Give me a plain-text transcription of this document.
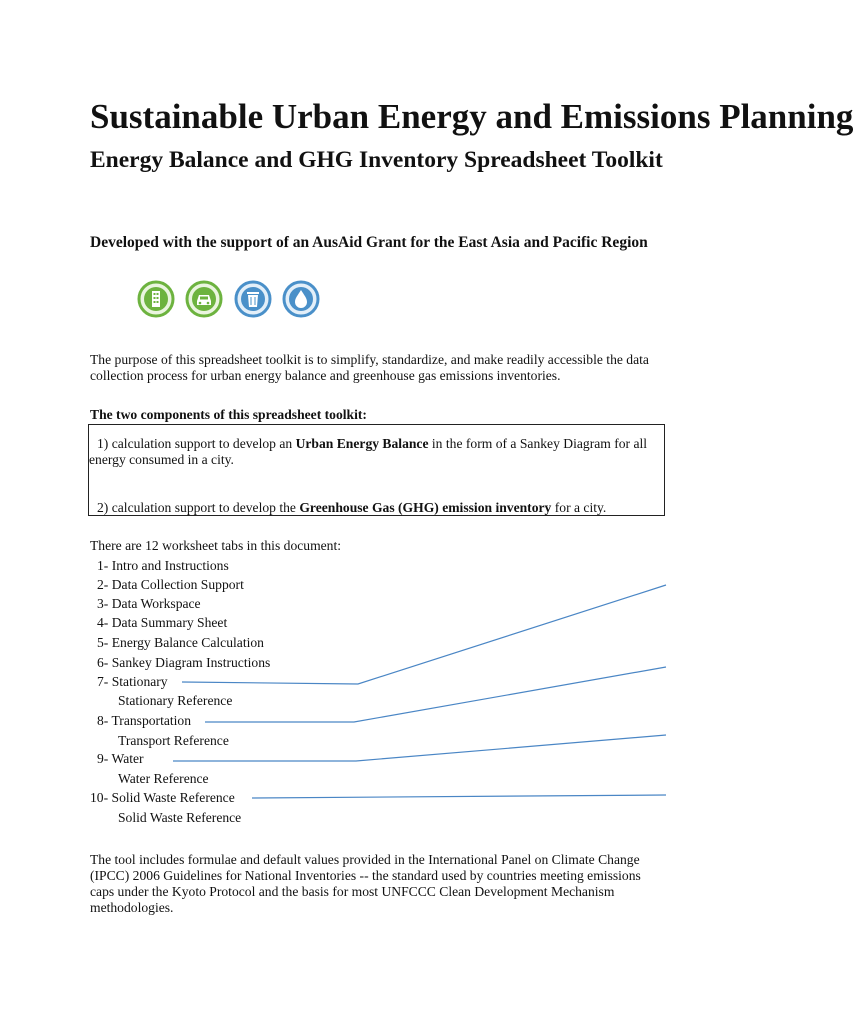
Sustainable Urban Energy and Emissions Planning
Energy Balance and GHG Inventory Spreadsheet Toolkit
Developed with the support of an AusAid Grant for the East Asia and Pacific Region
The purpose of this spreadsheet toolkit is to simplify, standardize, and make readily accessible the data collection process for urban energy balance and greenhouse gas emissions inventories.
The two components of this spreadsheet toolkit:
1) calculation support to develop an Urban Energy Balance in the form of a Sankey Diagram for all
energy consumed in a city.
2) calculation support to develop the Greenhouse Gas (GHG) emission inventory for a city.
There are 12 worksheet tabs in this document:
1- Intro and Instructions
2- Data Collection Support
3- Data Workspace
4- Data Summary Sheet
5- Energy Balance Calculation
6- Sankey Diagram Instructions
7- Stationary
Stationary Reference
8- Transportation
Transport Reference
9- Water
Water Reference
10- Solid Waste Reference
Solid Waste Reference
The tool includes formulae and default values provided in the International Panel on Climate Change (IPCC) 2006 Guidelines for National Inventories -- the standard used by countries meeting emissions caps under the Kyoto Protocol and the basis for most UNFCCC Clean Development Mechanism methodologies.
